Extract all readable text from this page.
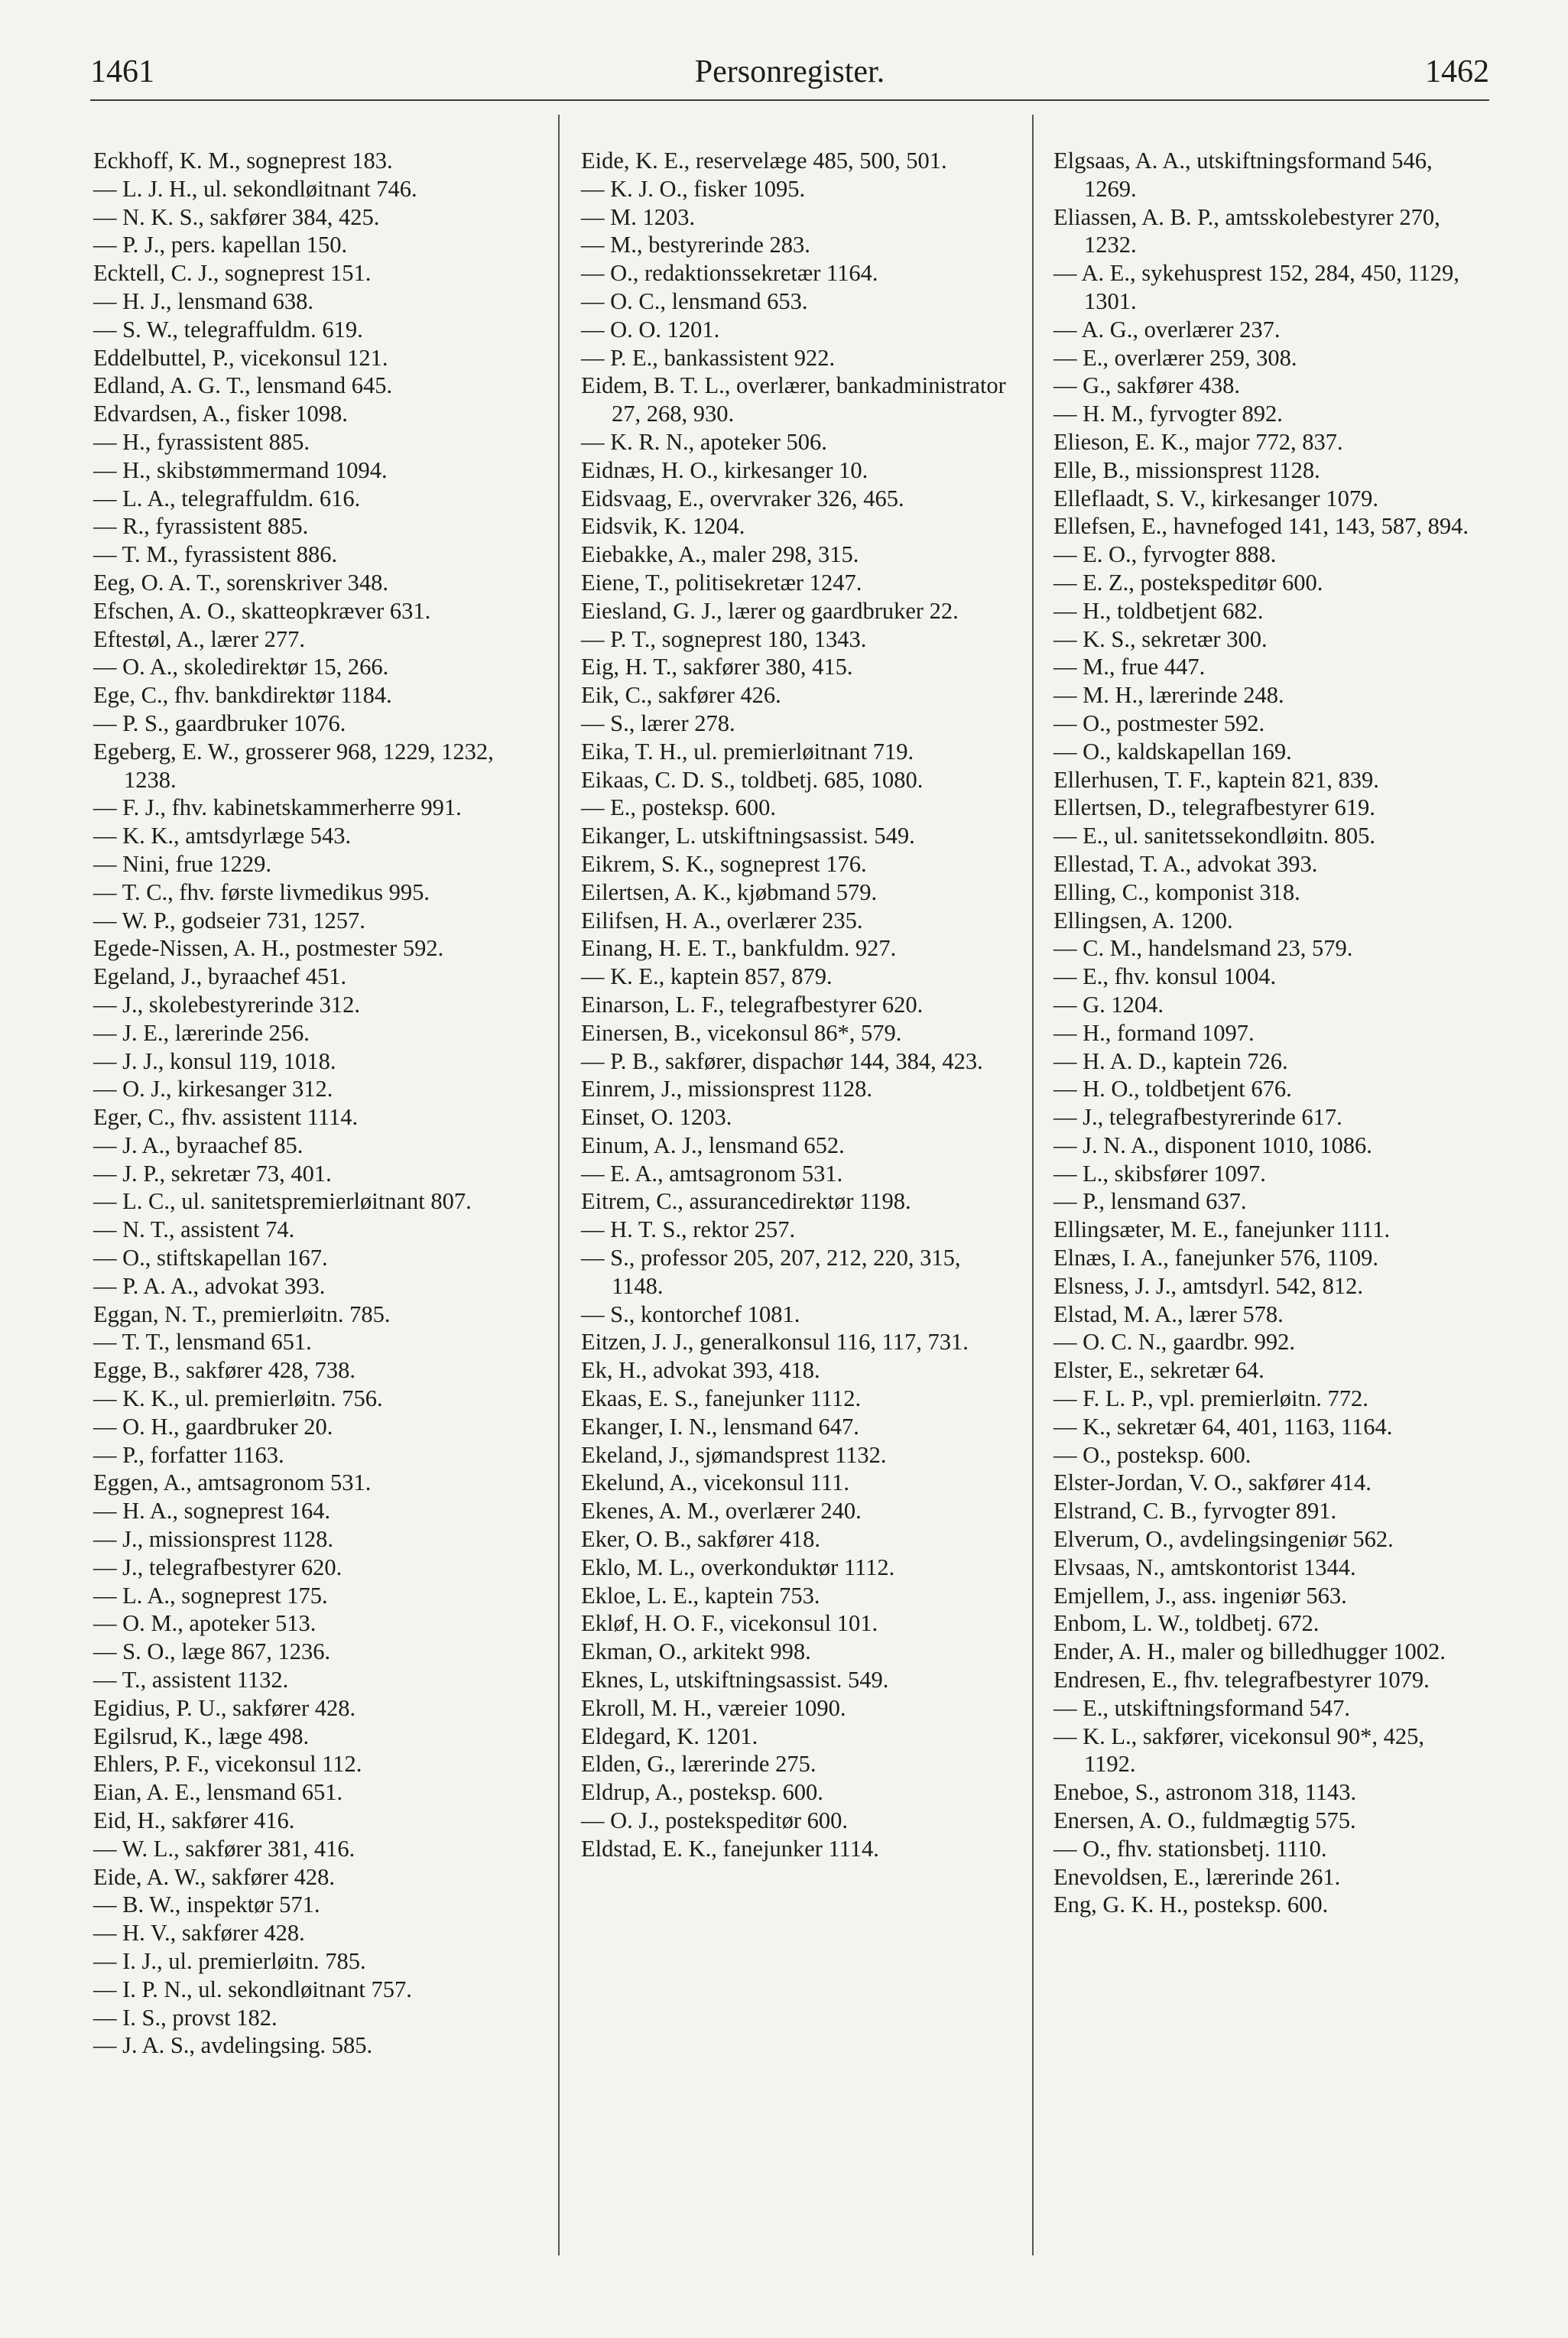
1461	Personregister.	1462
Eckhoff, K. M., sogneprest 183.
— L. J. H., ul. sekondløitnant 746.
— N. K. S., sakfører 384, 425.
— P. J., pers. kapellan 150.
Ecktell, C. J., sogneprest 151.
— H. J., lensmand 638.
— S. W., telegraffuldm. 619.
Eddelbuttel, P., vicekonsul 121.
Edland, A. G. T., lensmand 645.
Edvardsen, A., fisker 1098.
— H., fyrassistent 885.
— H., skibstømmermand 1094.
— L. A., telegraffuldm. 616.
— R., fyrassistent 885.
— T. M., fyrassistent 886.
Eeg, O. A. T., sorenskriver 348.
Efschen, A. O., skatteopkræver 631.
Eftestøl, A., lærer 277.
— O. A., skoledirektør 15, 266.
Ege, C., fhv. bankdirektør 1184.
— P. S., gaardbruker 1076.
Egeberg, E. W., grosserer 968, 1229, 1232, 1238.
— F. J., fhv. kabinetskammerherre 991.
— K. K., amtsdyrlæge 543.
— Nini, frue 1229.
— T. C., fhv. første livmedikus 995.
— W. P., godseier 731, 1257.
Egede-Nissen, A. H., postmester 592.
Egeland, J., byraachef 451.
— J., skolebestyrerinde 312.
— J. E., lærerinde 256.
— J. J., konsul 119, 1018.
— O. J., kirkesanger 312.
Eger, C., fhv. assistent 1114.
— J. A., byraachef 85.
— J. P., sekretær 73, 401.
— L. C., ul. sanitetspremierløitnant 807.
— N. T., assistent 74.
— O., stiftskapellan 167.
— P. A. A., advokat 393.
Eggan, N. T., premierløitn. 785.
— T. T., lensmand 651.
Egge, B., sakfører 428, 738.
— K. K., ul. premierløitn. 756.
— O. H., gaardbruker 20.
— P., forfatter 1163.
Eggen, A., amtsagronom 531.
— H. A., sogneprest 164.
— J., missionsprest 1128.
— J., telegrafbestyrer 620.
— L. A., sogneprest 175.
— O. M., apoteker 513.
— S. O., læge 867, 1236.
— T., assistent 1132.
Egidius, P. U., sakfører 428.
Egilsrud, K., læge 498.
Ehlers, P. F., vicekonsul 112.
Eian, A. E., lensmand 651.
Eid, H., sakfører 416.
— W. L., sakfører 381, 416.
Eide, A. W., sakfører 428.
— B. W., inspektør 571.
— H. V., sakfører 428.
— I. J., ul. premierløitn. 785.
— I. P. N., ul. sekondløitnant 757.
— I. S., provst 182.
— J. A. S., avdelingsing. 585.
Eide, K. E., reservelæge 485, 500, 501.
— K. J. O., fisker 1095.
— M. 1203.
— M., bestyrerinde 283.
— O., redaktionssekretær 1164.
— O. C., lensmand 653.
— O. O. 1201.
— P. E., bankassistent 922.
Eidem, B. T. L., overlærer, bankadministrator 27, 268, 930.
— K. R. N., apoteker 506.
Eidnæs, H. O., kirkesanger 10.
Eidsvaag, E., overvraker 326, 465.
Eidsvik, K. 1204.
Eiebakke, A., maler 298, 315.
Eiene, T., politisekretær 1247.
Eiesland, G. J., lærer og gaardbruker 22.
— P. T., sogneprest 180, 1343.
Eig, H. T., sakfører 380, 415.
Eik, C., sakfører 426.
— S., lærer 278.
Eika, T. H., ul. premierløitnant 719.
Eikaas, C. D. S., toldbetj. 685, 1080.
— E., posteksp. 600.
Eikanger, L. utskiftningsassist. 549.
Eikrem, S. K., sogneprest 176.
Eilertsen, A. K., kjøbmand 579.
Eilifsen, H. A., overlærer 235.
Einang, H. E. T., bankfuldm. 927.
— K. E., kaptein 857, 879.
Einarson, L. F., telegrafbestyrer 620.
Einersen, B., vicekonsul 86*, 579.
— P. B., sakfører, dispachør 144, 384, 423.
Einrem, J., missionsprest 1128.
Einset, O. 1203.
Einum, A. J., lensmand 652.
— E. A., amtsagronom 531.
Eitrem, C., assurancedirektør 1198.
— H. T. S., rektor 257.
— S., professor 205, 207, 212, 220, 315, 1148.
— S., kontorchef 1081.
Eitzen, J. J., generalkonsul 116, 117, 731.
Ek, H., advokat 393, 418.
Ekaas, E. S., fanejunker 1112.
Ekanger, I. N., lensmand 647.
Ekeland, J., sjømandsprest 1132.
Ekelund, A., vicekonsul 111.
Ekenes, A. M., overlærer 240.
Eker, O. B., sakfører 418.
Eklo, M. L., overkonduktør 1112.
Ekloe, L. E., kaptein 753.
Ekløf, H. O. F., vicekonsul 101.
Ekman, O., arkitekt 998.
Eknes, L, utskiftningsassist. 549.
Ekroll, M. H., væreier 1090.
Eldegard, K. 1201.
Elden, G., lærerinde 275.
Eldrup, A., posteksp. 600.
— O. J., postekspeditør 600.
Eldstad, E. K., fanejunker 1114.
Elgsaas, A. A., utskiftningsformand 546, 1269.
Eliassen, A. B. P., amtsskolebestyrer 270, 1232.
— A. E., sykehusprest 152, 284, 450, 1129, 1301.
— A. G., overlærer 237.
— E., overlærer 259, 308.
— G., sakfører 438.
— H. M., fyrvogter 892.
Elieson, E. K., major 772, 837.
Elle, B., missionsprest 1128.
Elleflaadt, S. V., kirkesanger 1079.
Ellefsen, E., havnefoged 141, 143, 587, 894.
— E. O., fyrvogter 888.
— E. Z., postekspeditør 600.
— H., toldbetjent 682.
— K. S., sekretær 300.
— M., frue 447.
— M. H., lærerinde 248.
— O., postmester 592.
— O., kaldskapellan 169.
Ellerhusen, T. F., kaptein 821, 839.
Ellertsen, D., telegrafbestyrer 619.
— E., ul. sanitetssekondløitn. 805.
Ellestad, T. A., advokat 393.
Elling, C., komponist 318.
Ellingsen, A. 1200.
— C. M., handelsmand 23, 579.
— E., fhv. konsul 1004.
— G. 1204.
— H., formand 1097.
— H. A. D., kaptein 726.
— H. O., toldbetjent 676.
— J., telegrafbestyrerinde 617.
— J. N. A., disponent 1010, 1086.
— L., skibsfører 1097.
— P., lensmand 637.
Ellingsæter, M. E., fanejunker 1111.
Elnæs, I. A., fanejunker 576, 1109.
Elsness, J. J., amtsdyrl. 542, 812.
Elstad, M. A., lærer 578.
— O. C. N., gaardbr. 992.
Elster, E., sekretær 64.
— F. L. P., vpl. premierløitn. 772.
— K., sekretær 64, 401, 1163, 1164.
— O., posteksp. 600.
Elster-Jordan, V. O., sakfører 414.
Elstrand, C. B., fyrvogter 891.
Elverum, O., avdelingsingeniør 562.
Elvsaas, N., amtskontorist 1344.
Emjellem, J., ass. ingeniør 563.
Enbom, L. W., toldbetj. 672.
Ender, A. H., maler og billedhugger 1002.
Endresen, E., fhv. telegrafbestyrer 1079.
— E., utskiftningsformand 547.
— K. L., sakfører, vicekonsul 90*, 425, 1192.
Eneboe, S., astronom 318, 1143.
Enersen, A. O., fuldmægtig 575.
— O., fhv. stationsbetj. 1110.
Enevoldsen, E., lærerinde 261.
Eng, G. K. H., posteksp. 600.
